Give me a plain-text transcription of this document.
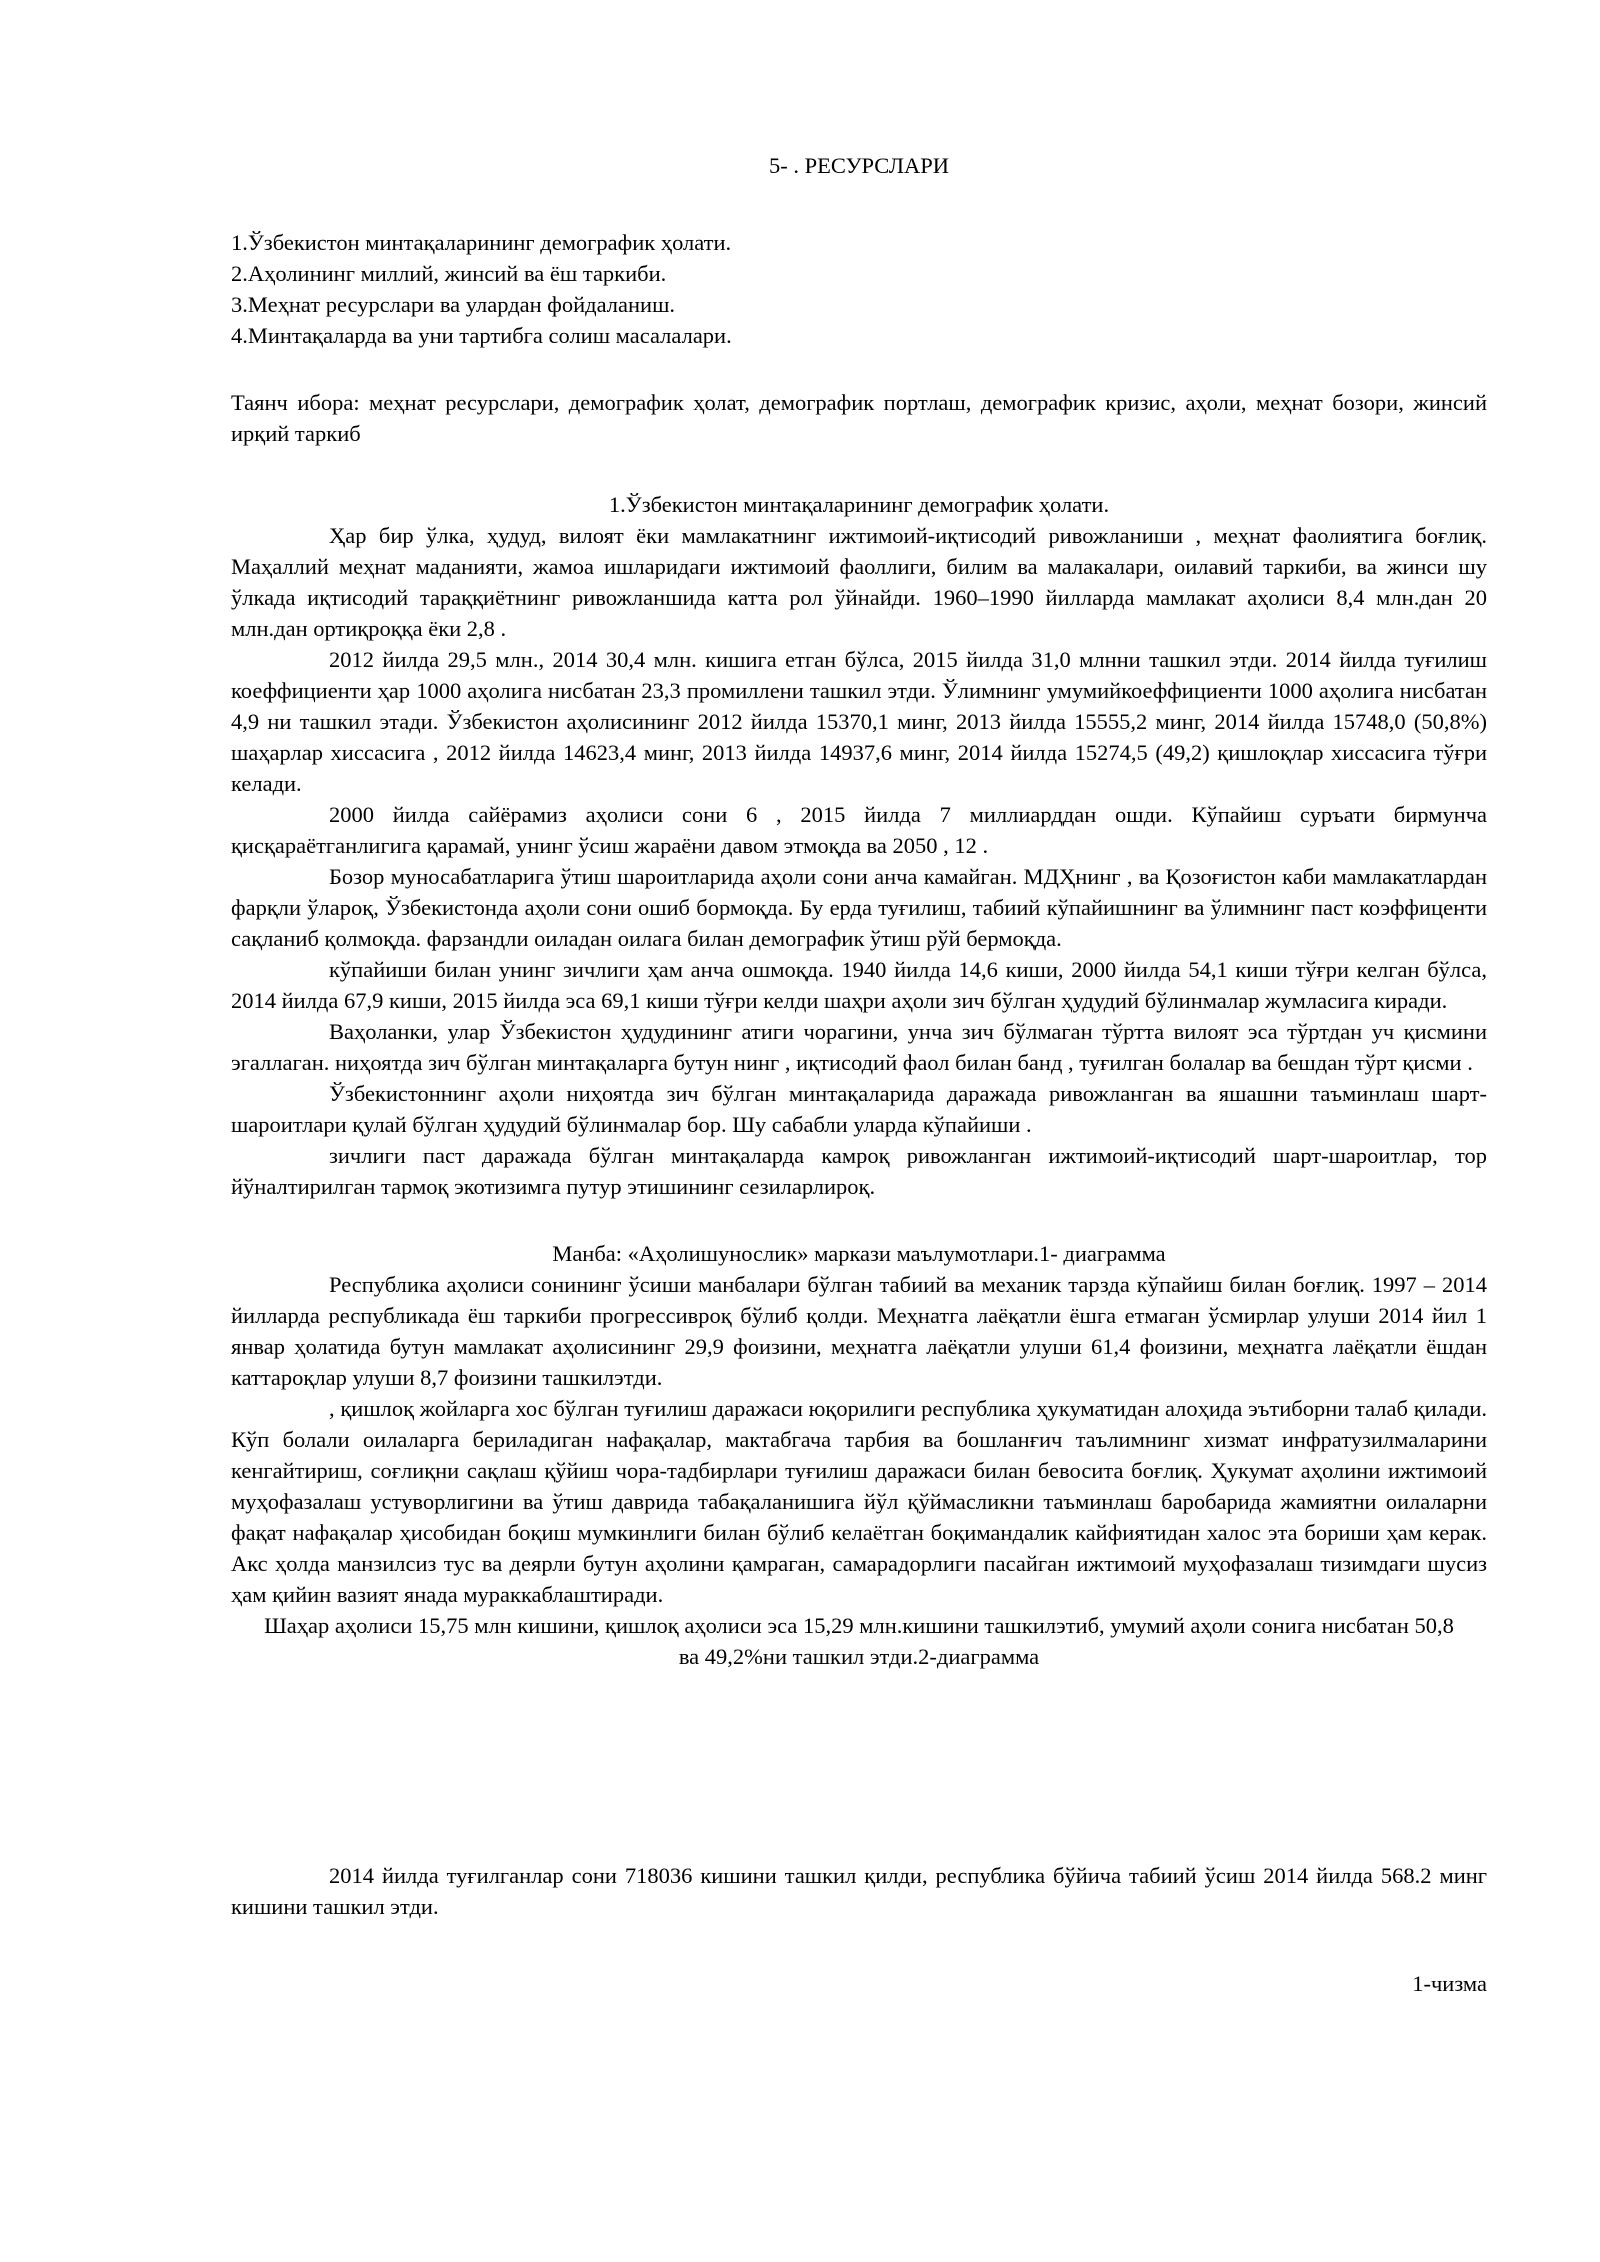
5- . РЕСУРСЛАРИ
1.Ўзбекистон минтақаларининг демографик ҳолати.
2.Аҳолининг миллий, жинсий ва ёш таркиби.
3.Меҳнат ресурслари ва улардан фойдаланиш.
4.Минтақаларда ва уни тартибга солиш масалалари.
Таянч ибора: меҳнат ресурслари, демографик ҳолат, демографик портлаш, демографик кризис, аҳоли, меҳнат бозори, жинсий ирқий таркиб
1.Ўзбекистон минтақаларининг демографик ҳолати.

Ҳар бир ўлка, ҳудуд, вилоят ёки мамлакатнинг ижтимоий-иқтисодий ривожланиши , меҳнат фаолиятига боғлиқ. Маҳаллий меҳнат маданияти, жамоа ишларидаги ижтимоий фаоллиги, билим ва малакалари, оилавий таркиби, ва жинси шу ўлкада иқтисодий тараққиётнинг ривожланшида катта рол ўйнайди. 1960–1990 йилларда мамлакат аҳолиси 8,4 млн.дан 20 млн.дан ортиқроққа ёки 2,8 .

2012 йилда 29,5 млн., 2014 30,4 млн. кишига етган бўлса, 2015 йилда 31,0 млнни ташкил этди. 2014 йилда туғилиш коеффициенти ҳар 1000 аҳолига нисбатан 23,3 промиллени ташкил этди. Ўлимнинг умумийкоеффициенти 1000 аҳолига нисбатан 4,9 ни ташкил этади. Ўзбекистон аҳолисининг 2012 йилда 15370,1 минг, 2013 йилда 15555,2 минг, 2014 йилда 15748,0 (50,8%) шаҳарлар хиссасига , 2012 йилда 14623,4 минг, 2013 йилда 14937,6 минг, 2014 йилда 15274,5 (49,2) қишлоқлар хиссасига тўғри келади.

2000 йилда сайёрамиз аҳолиси сони 6 , 2015 йилда 7 миллиарддан ошди. Кўпайиш суръати бирмунча қисқараётганлигига қарамай, унинг ўсиш жараёни давом этмоқда ва 2050 , 12 .

Бозор муносабатларига ўтиш шароитларида аҳоли сони анча камайган. МДҲнинг , ва Қозоғистон каби мамлакатлардан фарқли ўлароқ, Ўзбекистонда аҳоли сони ошиб бормоқда. Бу ерда туғилиш, табиий кўпайишнинг ва ўлимнинг паст коэффиценти сақланиб қолмоқда. фарзандли оиладан оилага билан демографик ўтиш рўй бермоқда.

кўпайиши билан унинг зичлиги ҳам анча ошмоқда. 1940 йилда 14,6 киши, 2000 йилда 54,1 киши тўғри келган бўлса, 2014 йилда 67,9 киши, 2015 йилда эса 69,1 киши тўғри келди шаҳри аҳоли зич бўлган ҳудудий бўлинмалар жумласига киради.

Ваҳоланки, улар Ўзбекистон ҳудудининг атиги чорагини, унча зич бўлмаган тўртта вилоят эса тўртдан уч қисмини эгаллаган. ниҳоятда зич бўлган минтақаларга бутун нинг , иқтисодий фаол билан банд , туғилган болалар ва бешдан тўрт қисми .

Ўзбекистоннинг аҳоли ниҳоятда зич бўлган минтақаларида даражада ривожланган ва яшашни таъминлаш шарт-шароитлари қулай бўлган ҳудудий бўлинмалар бор. Шу сабабли уларда кўпайиши .

зичлиги паст даражада бўлган минтақаларда камроқ ривожланган ижтимоий-иқтисодий шарт-шароитлар, тор йўналтирилган тармоқ экотизимга путур этишининг сезиларлироқ.

Манба: «Аҳолишунослик» маркази маълумотлари.1- диаграмма

Республика аҳолиси сонининг ўсиши манбалари бўлган табиий ва механик тарзда кўпайиш билан боғлиқ. 1997 – 2014 йилларда республикада ёш таркиби прогрессивроқ бўлиб қолди. Меҳнатга лаёқатли ёшга етмаган ўсмирлар улуши 2014 йил 1 январ ҳолатида бутун мамлакат аҳолисининг 29,9 фоизини, меҳнатга лаёқатли улуши 61,4 фоизини, меҳнатга лаёқатли ёшдан каттароқлар улуши 8,7 фоизини ташкилэтди.

, қишлоқ жойларга хос бўлган туғилиш даражаси юқорилиги республика ҳукуматидан алоҳида эътиборни талаб қилади. Кўп болали оилаларга бериладиган нафақалар, мактабгача тарбия ва бошланғич таълимнинг хизмат инфратузилмаларини кенгайтириш, соғлиқни сақлаш қўйиш чора-тадбирлари туғилиш даражаси билан бевосита боғлиқ. Ҳукумат аҳолини ижтимоий муҳофазалаш устуворлигини ва ўтиш даврида табақаланишига йўл қўймасликни таъминлаш баробарида жамиятни оилаларни фақат нафақалар ҳисобидан боқиш мумкинлиги билан бўлиб келаётган боқимандалик кайфиятидан халос эта бориши ҳам керак. Акс ҳолда манзилсиз тус ва деярли бутун аҳолини қамраган, самарадорлиги пасайган ижтимоий муҳофазалаш тизимдаги шусиз ҳам қийин вазият янада мураккаблаштиради.

Шаҳар аҳолиси 15,75 млн кишини, қишлоқ аҳолиси эса 15,29 млн.кишини ташкилэтиб, умумий аҳоли сонига нисбатан 50,8 ва 49,2%ни ташкил этди.2-диаграмма

2014 йилда туғилганлар сони 718036 кишини ташкил қилди, республика бўйича табиий ўсиш 2014 йилда 568.2 минг кишини ташкил этди.

1-чизма
